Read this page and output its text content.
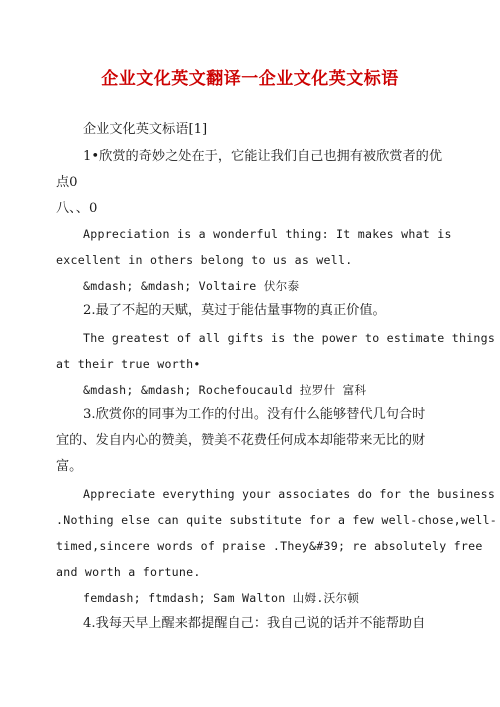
企业文化英文翻译一企业文化英文标语
企业文化英文标语[1]
1•欣赏的奇妙之处在于，它能让我们自己也拥有被欣赏者的优
点0
八、、0
Appreciation is a wonderful thing: It makes what is
excellent in others belong to us as well.
&mdash; &mdash; Voltaire 伏尔泰
2.最了不起的天赋，莫过于能估量事物的真正价值。
The greatest of all gifts is the power to estimate things
at their true worth•
&mdash; &mdash; Rochefoucauld 拉罗什 富科
3.欣赏你的同事为工作的付出。没有什么能够替代几句合时
宜的、发自内心的赞美，赞美不花费任何成本却能带来无比的财
富。
Appreciate everything your associates do for the business
.Nothing else can quite substitute for a few well-chose,well-
timed,sincere words of praise .They&#39; re absolutely free
and worth a fortune.
femdash; ftmdash; Sam Walton 山姆.沃尔顿
4.我每天早上醒来都提醒自己：我自己说的话并不能帮助自
